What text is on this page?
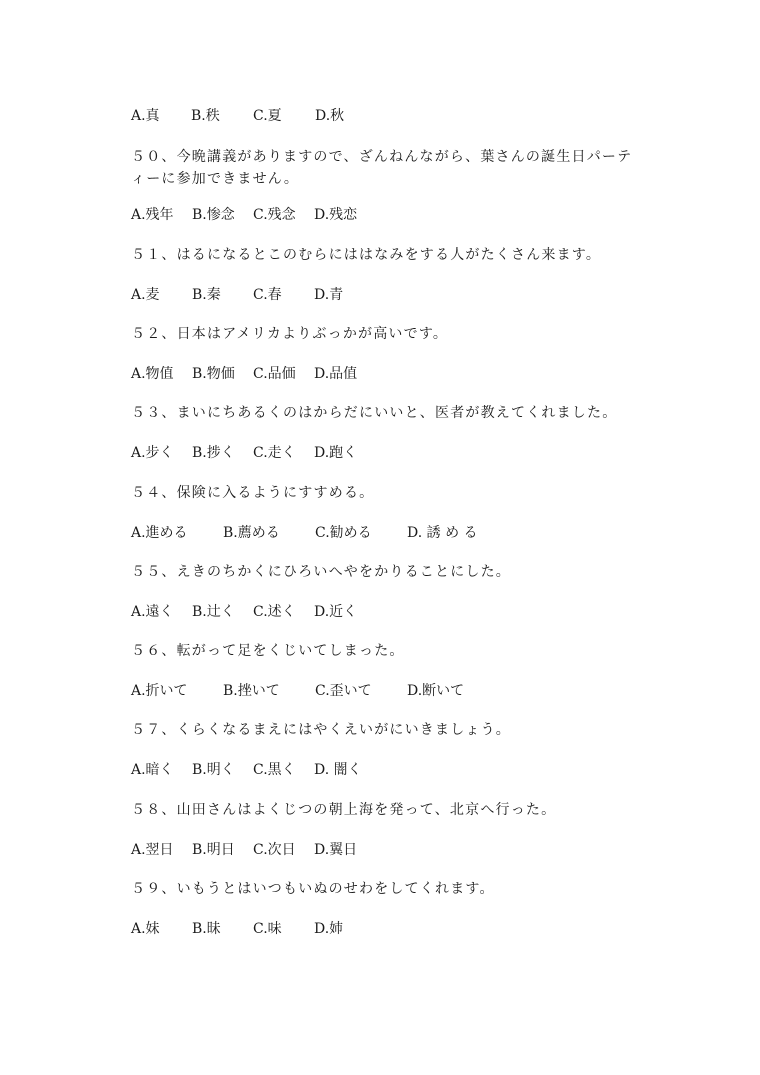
A.真	B.秩	C.夏	D.秋
５０、今晩講義がありますので、ざんねんながら、葉さんの誕生日パーティーに参加できません。
A.残年	B.惨念	C.残念	D.残恋
５１、はるになるとこのむらにははなみをする人がたくさん来ます。
A.麦	B.秦	C.春	D.青
５２、日本はアメリカよりぶっかが高いです。
A.物值	B.物価	C.品価	D.品值
５３、まいにちあるくのはからだにいいと、医者が教えてくれました。
A.步く	B.捗く	C.走く	D.跑く
５４、保険に入るようにすすめる。
A.進める	B.薦める	C.勧める	D. 誘 め る
５５、えきのちかくにひろいへやをかりることにした。
A.遠く	B.辻く	C.述く	D.近く
５６、転がって足をくじいてしまった。
A.折いて	B.挫いて	C.歪いて	D.断いて
５７、くらくなるまえにはやくえいがにいきましょう。
A.暗く	B.明く	C.黒く	D. 闇く
５８、山田さんはよくじつの朝上海を発って、北京へ行った。
A.翌日	B.明日	C.次日	D.翼日
５９、いもうとはいつもいぬのせわをしてくれます。
A.妹	B.昧	C.味	D.姉
